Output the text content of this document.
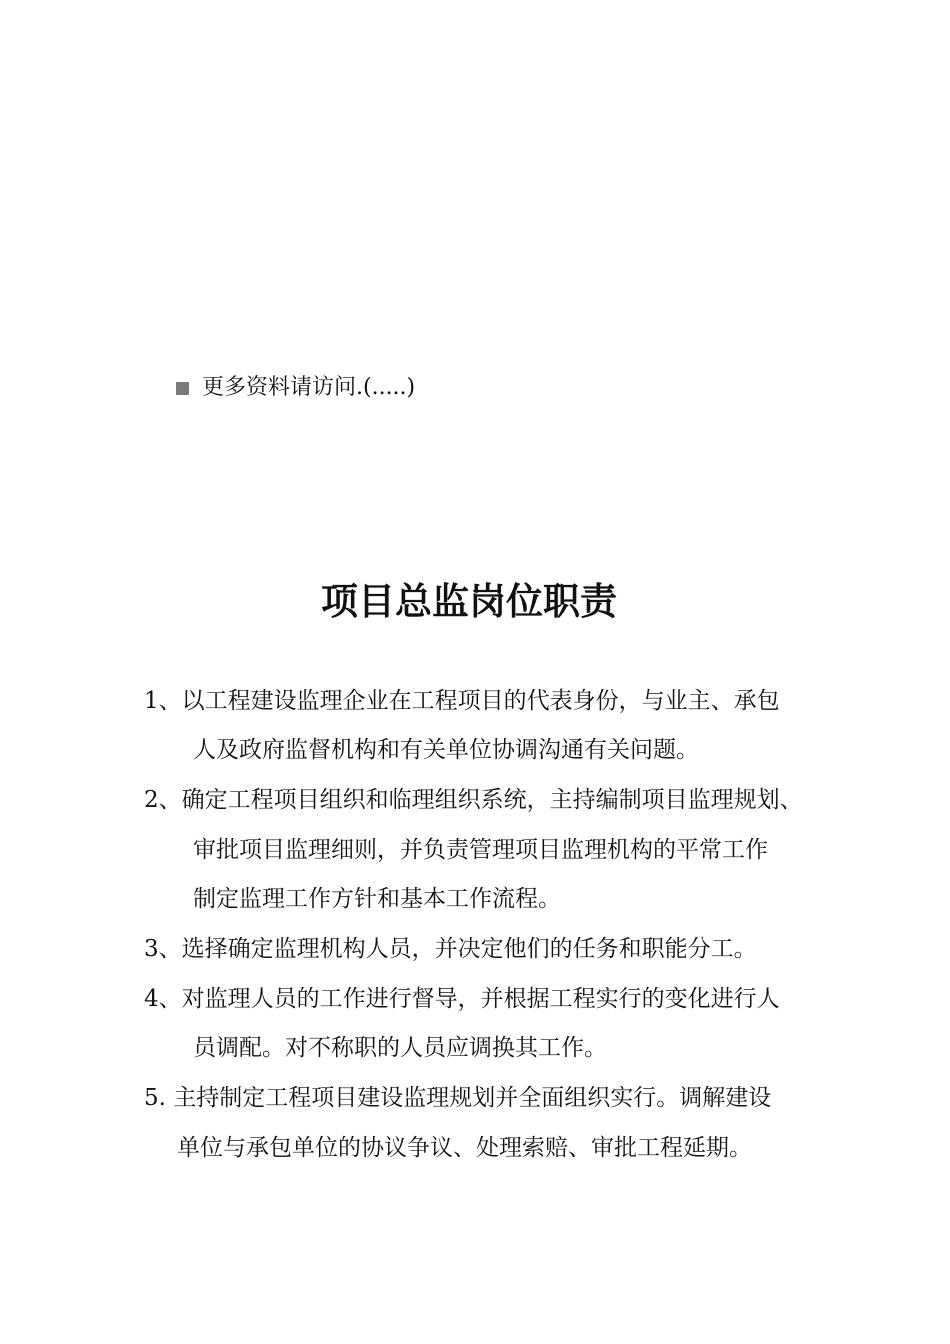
更多资料请访问.(.....)
项目总监岗位职责
1、以工程建设监理企业在工程项目的代表身份，与业主、承包
人及政府监督机构和有关单位协调沟通有关问题。
2、确定工程项目组织和临理组织系统，主持编制项目监理规划、
审批项目监理细则，并负责管理项目监理机构的平常工作
制定监理工作方针和基本工作流程。
3、选择确定监理机构人员，并决定他们的任务和职能分工。
4、对监理人员的工作进行督导，并根据工程实行的变化进行人
员调配。对不称职的人员应调换其工作。
5. 主持制定工程项目建设监理规划并全面组织实行。调解建设
单位与承包单位的协议争议、处理索赔、审批工程延期。
